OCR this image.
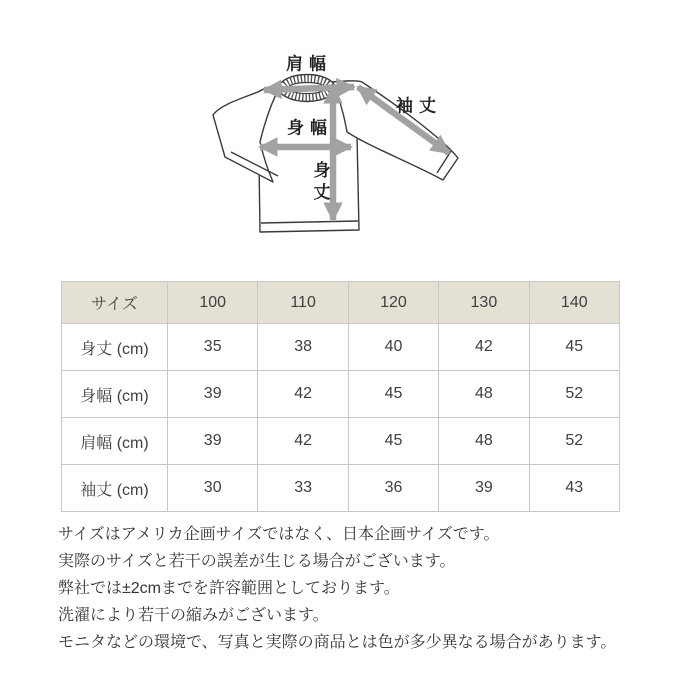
肩幅
袖丈
身幅
身丈
サイズ	100	110	120	130	140
身丈 (cm)	35	38	40	42	45
身幅 (cm)	39	42	45	48	52
肩幅 (cm)	39	42	45	48	52
袖丈 (cm)	30	33	36	39	43

サイズはアメリカ企画サイズではなく、日本企画サイズです。

実際のサイズと若干の誤差が生じる場合がございます。

弊社では±2cmまでを許容範囲としております。

洗濯により若干の縮みがございます。

モニタなどの環境で、写真と実際の商品とは色が多少異なる場合があります。
